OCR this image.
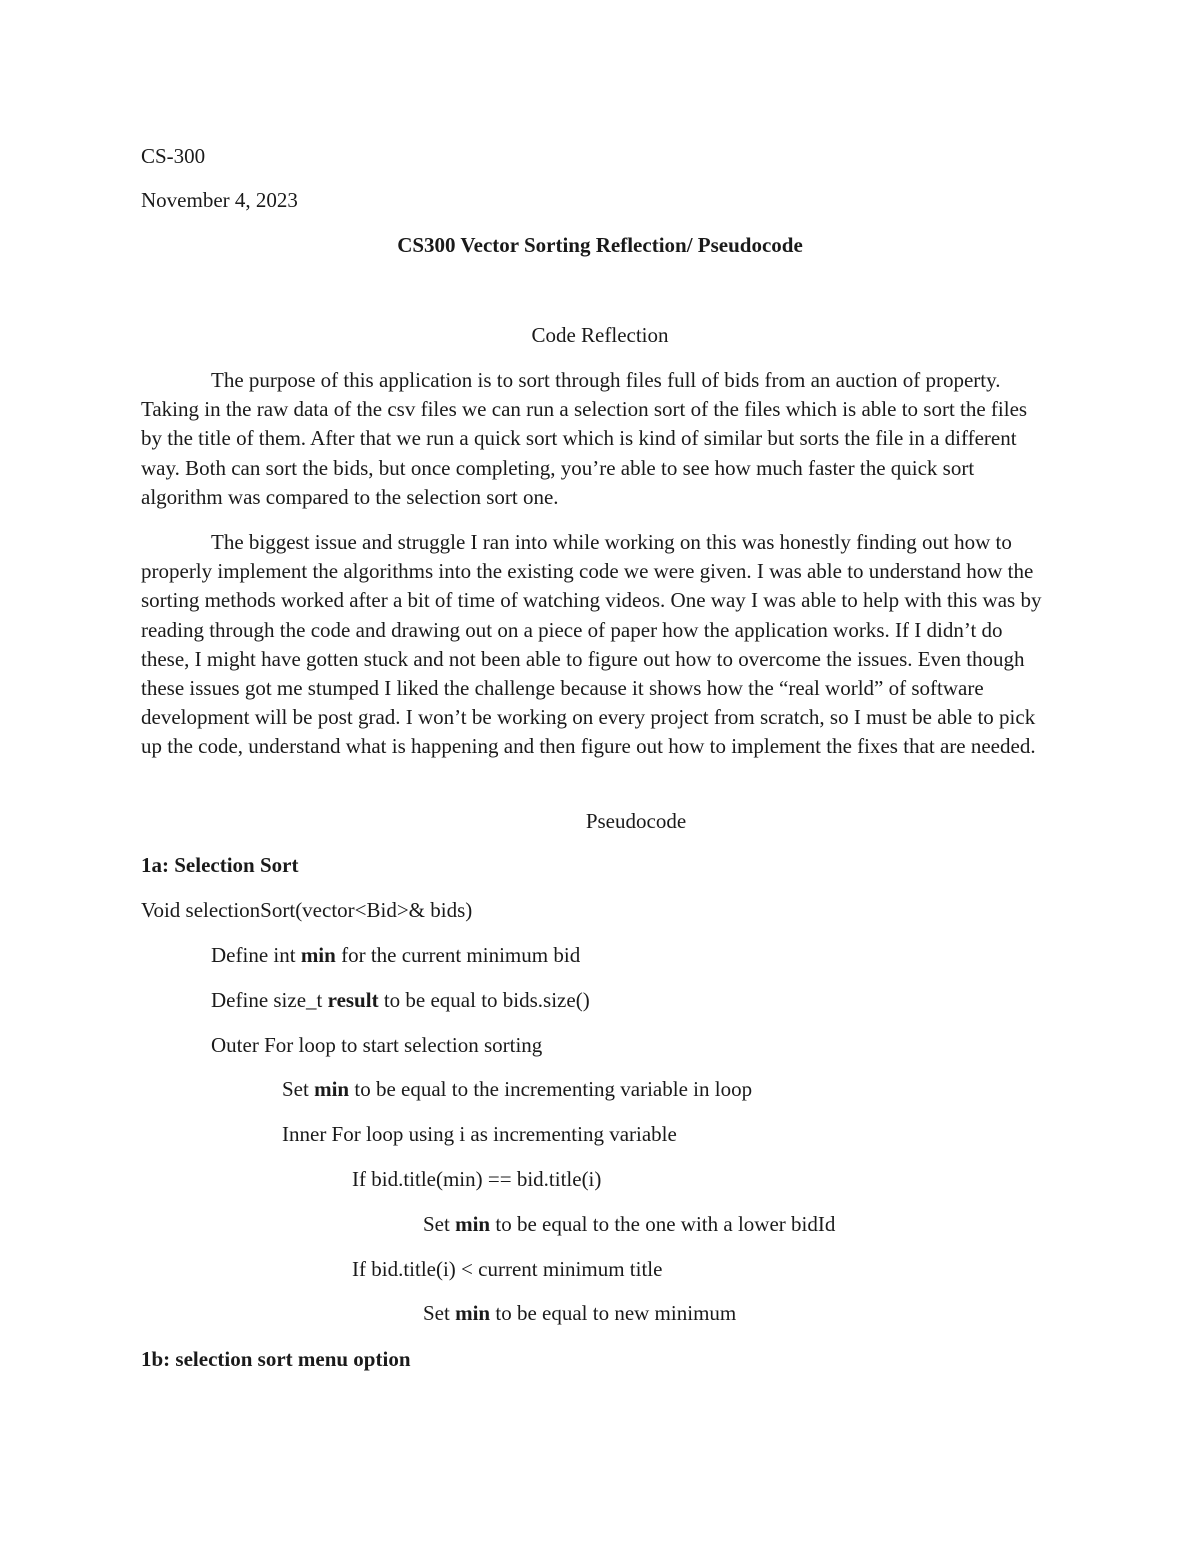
CS-300
November 4, 2023
CS300 Vector Sorting Reflection/ Pseudocode
Code Reflection
The purpose of this application is to sort through files full of bids from an auction of property. Taking in the raw data of the csv files we can run a selection sort of the files which is able to sort the files by the title of them. After that we run a quick sort which is kind of similar but sorts the file in a different way. Both can sort the bids, but once completing, you’re able to see how much faster the quick sort algorithm was compared to the selection sort one.
The biggest issue and struggle I ran into while working on this was honestly finding out how to properly implement the algorithms into the existing code we were given. I was able to understand how the sorting methods worked after a bit of time of watching videos. One way I was able to help with this was by reading through the code and drawing out on a piece of paper how the application works. If I didn’t do these, I might have gotten stuck and not been able to figure out how to overcome the issues. Even though these issues got me stumped I liked the challenge because it shows how the “real world” of software development will be post grad. I won’t be working on every project from scratch, so I must be able to pick up the code, understand what is happening and then figure out how to implement the fixes that are needed.
Pseudocode
1a: Selection Sort
Void selectionSort(vector<Bid>& bids)
Define int min for the current minimum bid
Define size_t result to be equal to bids.size()
Outer For loop to start selection sorting
Set min to be equal to the incrementing variable in loop
Inner For loop using i as incrementing variable
If bid.title(min) == bid.title(i)
Set min to be equal to the one with a lower bidId
If bid.title(i) < current minimum title
Set min to be equal to new minimum
1b: selection sort menu option
